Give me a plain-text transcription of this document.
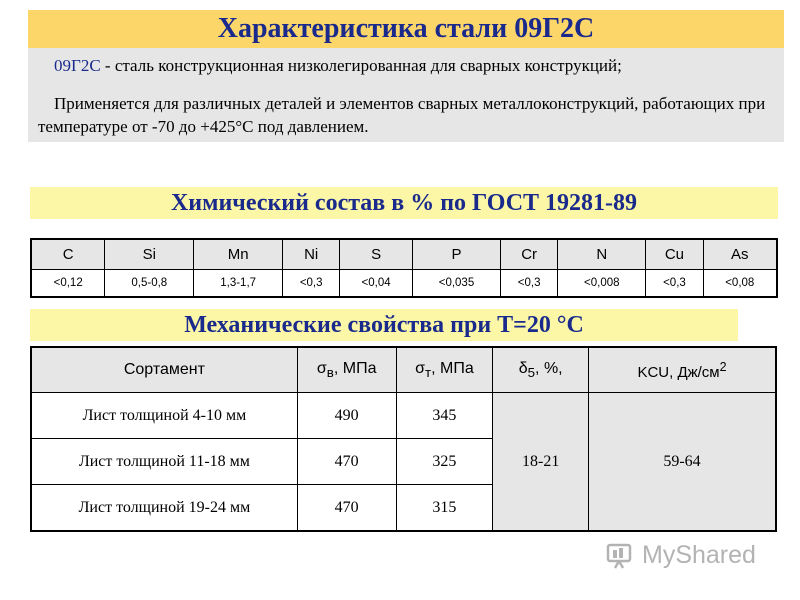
Характеристика стали 09Г2С
09Г2С - сталь конструкционная низколегированная для сварных конструкций;
Применяется для различных деталей и элементов сварных металлоконструкций, работающих при температуре от -70 до +425°С под давлением.
Химический состав в % по ГОСТ 19281-89
C	Si	Mn	Ni	S	P	Cr	N	Cu	As
<0,12	0,5-0,8	1,3-1,7	<0,3	<0,04	<0,035	<0,3	<0,008	<0,3	<0,08
Механические свойства при Т=20 °С
Сортамент	$\sigma_в$, МПа	$\sigma_т$, МПа	$\delta_5$, %,	KCU, $Дж/см^2$
Лист толщиной 4-10 мм	490	345	18-21	59-64
Лист толщиной 11-18 мм	470	325		
Лист толщиной 19-24 мм	470	315		
MyShared
